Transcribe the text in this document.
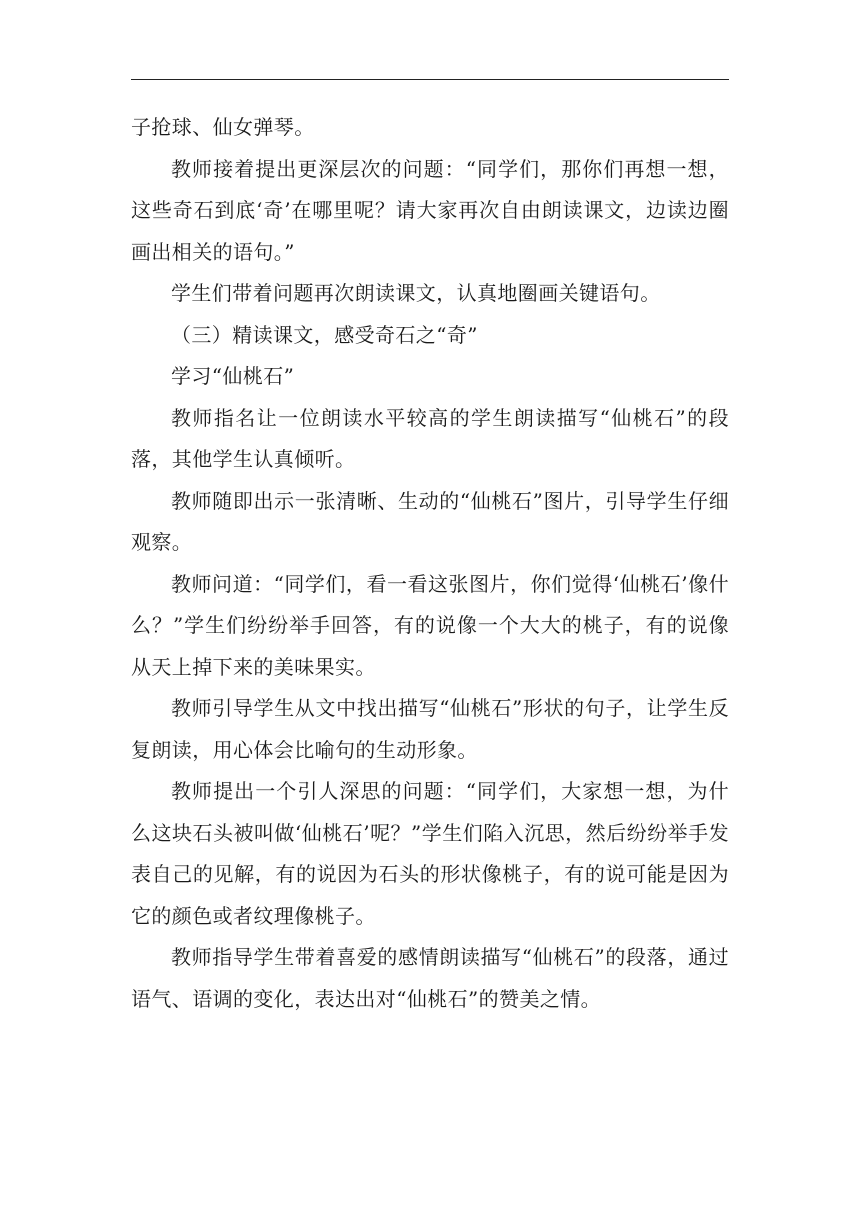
子抢球、仙女弹琴。

教师接着提出更深层次的问题：“同学们，那你们再想一想，这些奇石到底‘奇’在哪里呢？请大家再次自由朗读课文，边读边圈画出相关的语句。”

学生们带着问题再次朗读课文，认真地圈画关键语句。

（三）精读课文，感受奇石之“奇”

学习“仙桃石”

教师指名让一位朗读水平较高的学生朗读描写“仙桃石”的段落，其他学生认真倾听。

教师随即出示一张清晰、生动的“仙桃石”图片，引导学生仔细观察。

教师问道：“同学们，看一看这张图片，你们觉得‘仙桃石’像什么？”学生们纷纷举手回答，有的说像一个大大的桃子，有的说像从天上掉下来的美味果实。

教师引导学生从文中找出描写“仙桃石”形状的句子，让学生反复朗读，用心体会比喻句的生动形象。

教师提出一个引人深思的问题：“同学们，大家想一想，为什么这块石头被叫做‘仙桃石’呢？”学生们陷入沉思，然后纷纷举手发表自己的见解，有的说因为石头的形状像桃子，有的说可能是因为它的颜色或者纹理像桃子。

教师指导学生带着喜爱的感情朗读描写“仙桃石”的段落，通过语气、语调的变化，表达出对“仙桃石”的赞美之情。
